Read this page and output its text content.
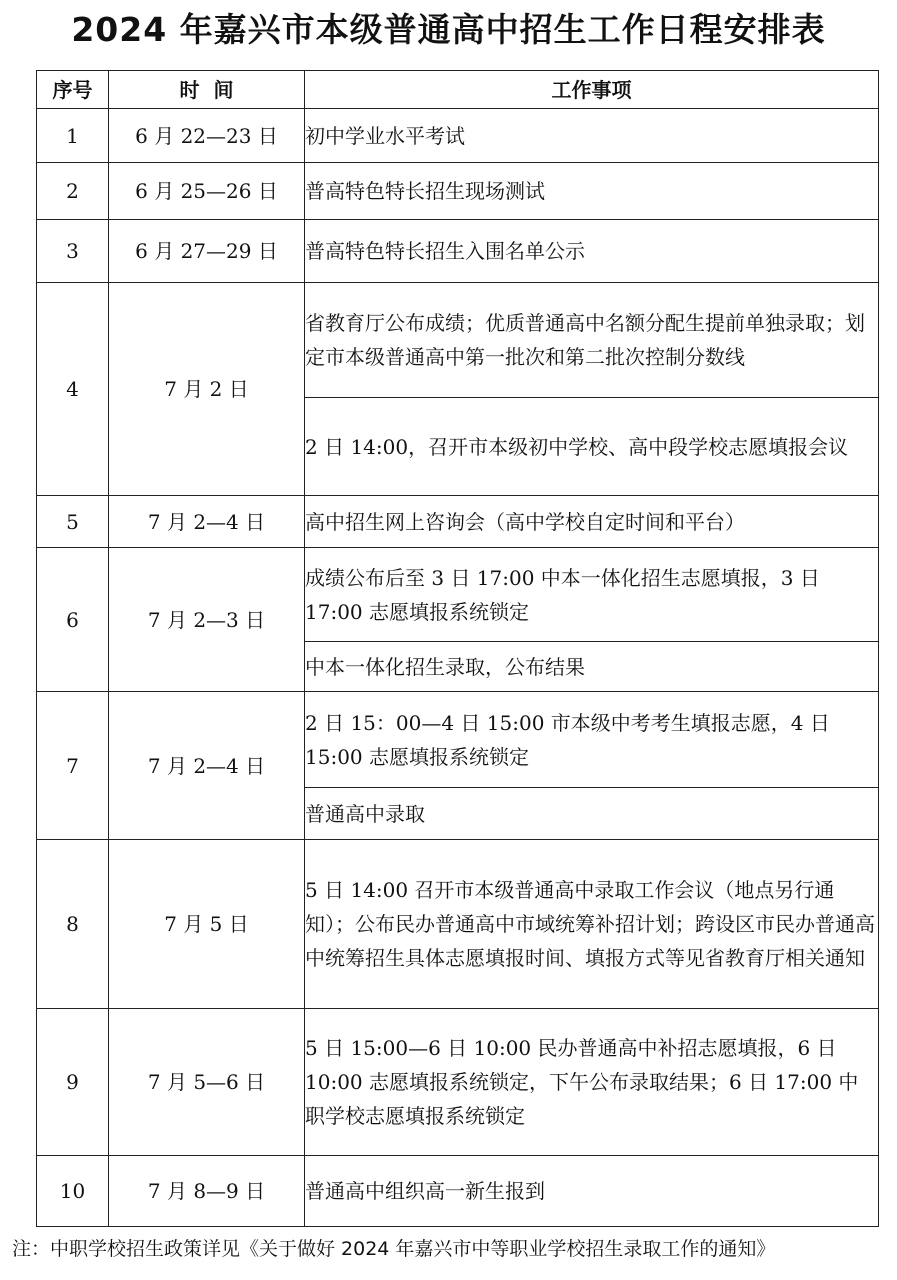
2024 年嘉兴市本级普通高中招生工作日程安排表
序号	时  间	工作事项
1	6 月 22—23 日	初中学业水平考试
2	6 月 25—26 日	普高特色特长招生现场测试
3	6 月 27—29 日	普高特色特长招生入围名单公示
4	7 月 2 日	省教育厅公布成绩；优质普通高中名额分配生提前单独录取；划定市本级普通高中第一批次和第二批次控制分数线
		2 日 14:00，召开市本级初中学校、高中段学校志愿填报会议
5	7 月 2—4 日	高中招生网上咨询会（高中学校自定时间和平台）
6	7 月 2—3 日	成绩公布后至 3 日 17:00 中本一体化招生志愿填报，3 日 17:00 志愿填报系统锁定
		中本一体化招生录取，公布结果
7	7 月 2—4 日	2 日 15：00—4 日 15:00 市本级中考考生填报志愿，4 日 15:00 志愿填报系统锁定
		普通高中录取
8	7 月 5 日	5 日 14:00 召开市本级普通高中录取工作会议（地点另行通知）；公布民办普通高中市域统筹补招计划；跨设区市民办普通高中统筹招生具体志愿填报时间、填报方式等见省教育厅相关通知
9	7 月 5—6 日	5 日 15:00—6 日 10:00 民办普通高中补招志愿填报，6 日 10:00 志愿填报系统锁定，下午公布录取结果；6 日 17:00 中职学校志愿填报系统锁定
10	7 月 8—9 日	普通高中组织高一新生报到
注：中职学校招生政策详见《关于做好 2024 年嘉兴市中等职业学校招生录取工作的通知》
